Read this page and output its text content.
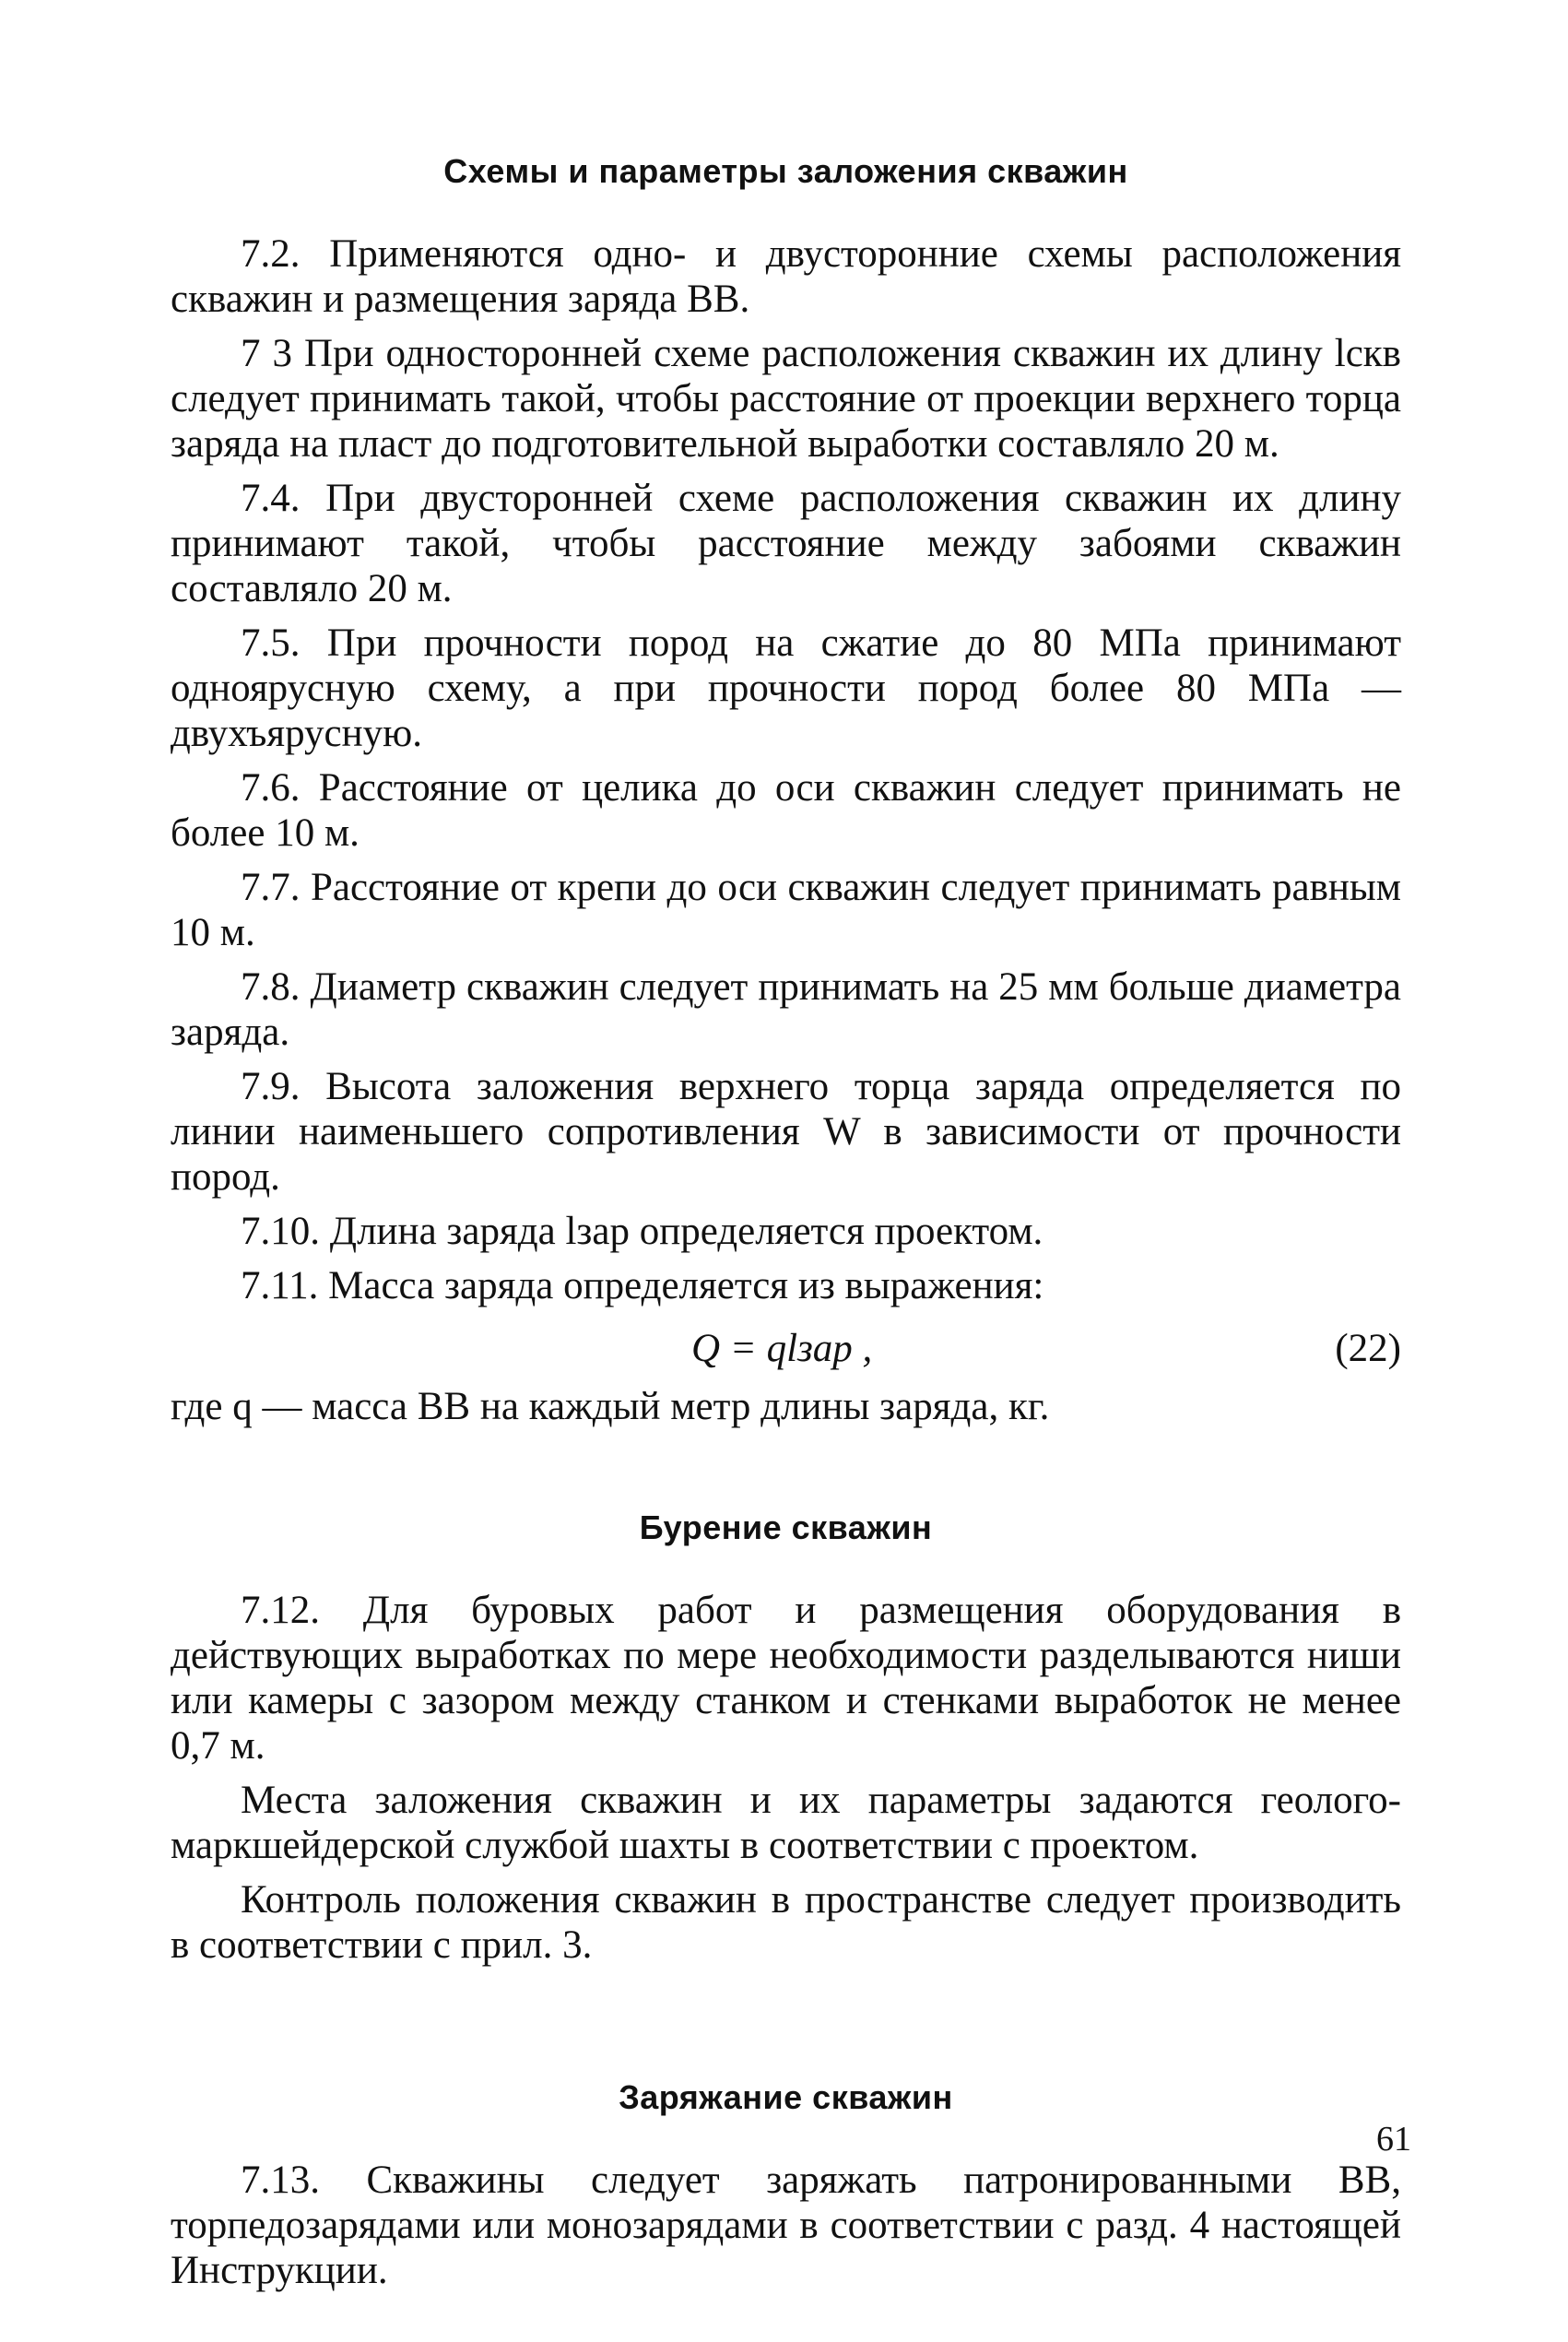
Схемы и параметры заложения скважин

7.2. Применяются одно- и двусторонние схемы расположения скважин и размещения заряда ВВ.

7 3 При односторонней схеме расположения скважин их длину lскв следует принимать такой, чтобы расстояние от проекции верхнего торца заряда на пласт до подготовительной выработки составляло 20 м.

7.4. При двусторонней схеме расположения скважин их длину принимают такой, чтобы расстояние между забоями скважин составляло 20 м.

7.5. При прочности пород на сжатие до 80 МПа принимают одноярусную схему, а при прочности пород более 80 МПа — двухъярусную.

7.6. Расстояние от целика до оси скважин следует принимать не более 10 м.

7.7. Расстояние от крепи до оси скважин следует принимать равным 10 м.

7.8. Диаметр скважин следует принимать на 25 мм больше диаметра заряда.

7.9. Высота заложения верхнего торца заряда определяется по линии наименьшего сопротивления W в зависимости от прочности пород.

7.10. Длина заряда lзар определяется проектом.

7.11. Масса заряда определяется из выражения:

Q = qlзар ,	(22)

где q — масса ВВ на каждый метр длины заряда, кг.

Бурение скважин

7.12. Для буровых работ и размещения оборудования в действующих выработках по мере необходимости разделываются ниши или камеры с зазором между станком и стенками выработок не менее 0,7 м.

Места заложения скважин и их параметры задаются геолого-маркшейдерской службой шахты в соответствии с проектом.

Контроль положения скважин в пространстве следует производить в соответствии с прил. 3.

Заряжание скважин

7.13. Скважины следует заряжать патронированными ВВ, торпедозарядами или монозарядами в соответствии с разд. 4 настоящей Инструкции.

61
